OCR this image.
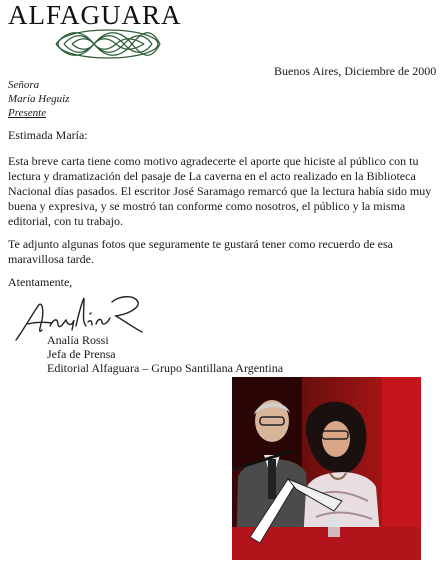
ALFAGUARA
Buenos Aires, Diciembre de 2000
Señora
María Heguiz
Presente
Estimada María:
Esta breve carta tiene como motivo agradecerte el aporte que hiciste al público con tu lectura y dramatización del pasaje de La caverna en el acto realizado en la Biblioteca Nacional días pasados. El escritor José Saramago remarcó que la lectura había sido muy buena y expresiva, y se mostró tan conforme como nosotros, el público y la misma editorial, con tu trabajo.
Te adjunto algunas fotos que seguramente te gustará tener como recuerdo de esa maravillosa tarde.
Atentamente,
Analía Rossi
Jefa de Prensa
Editorial Alfaguara – Grupo Santillana Argentina
